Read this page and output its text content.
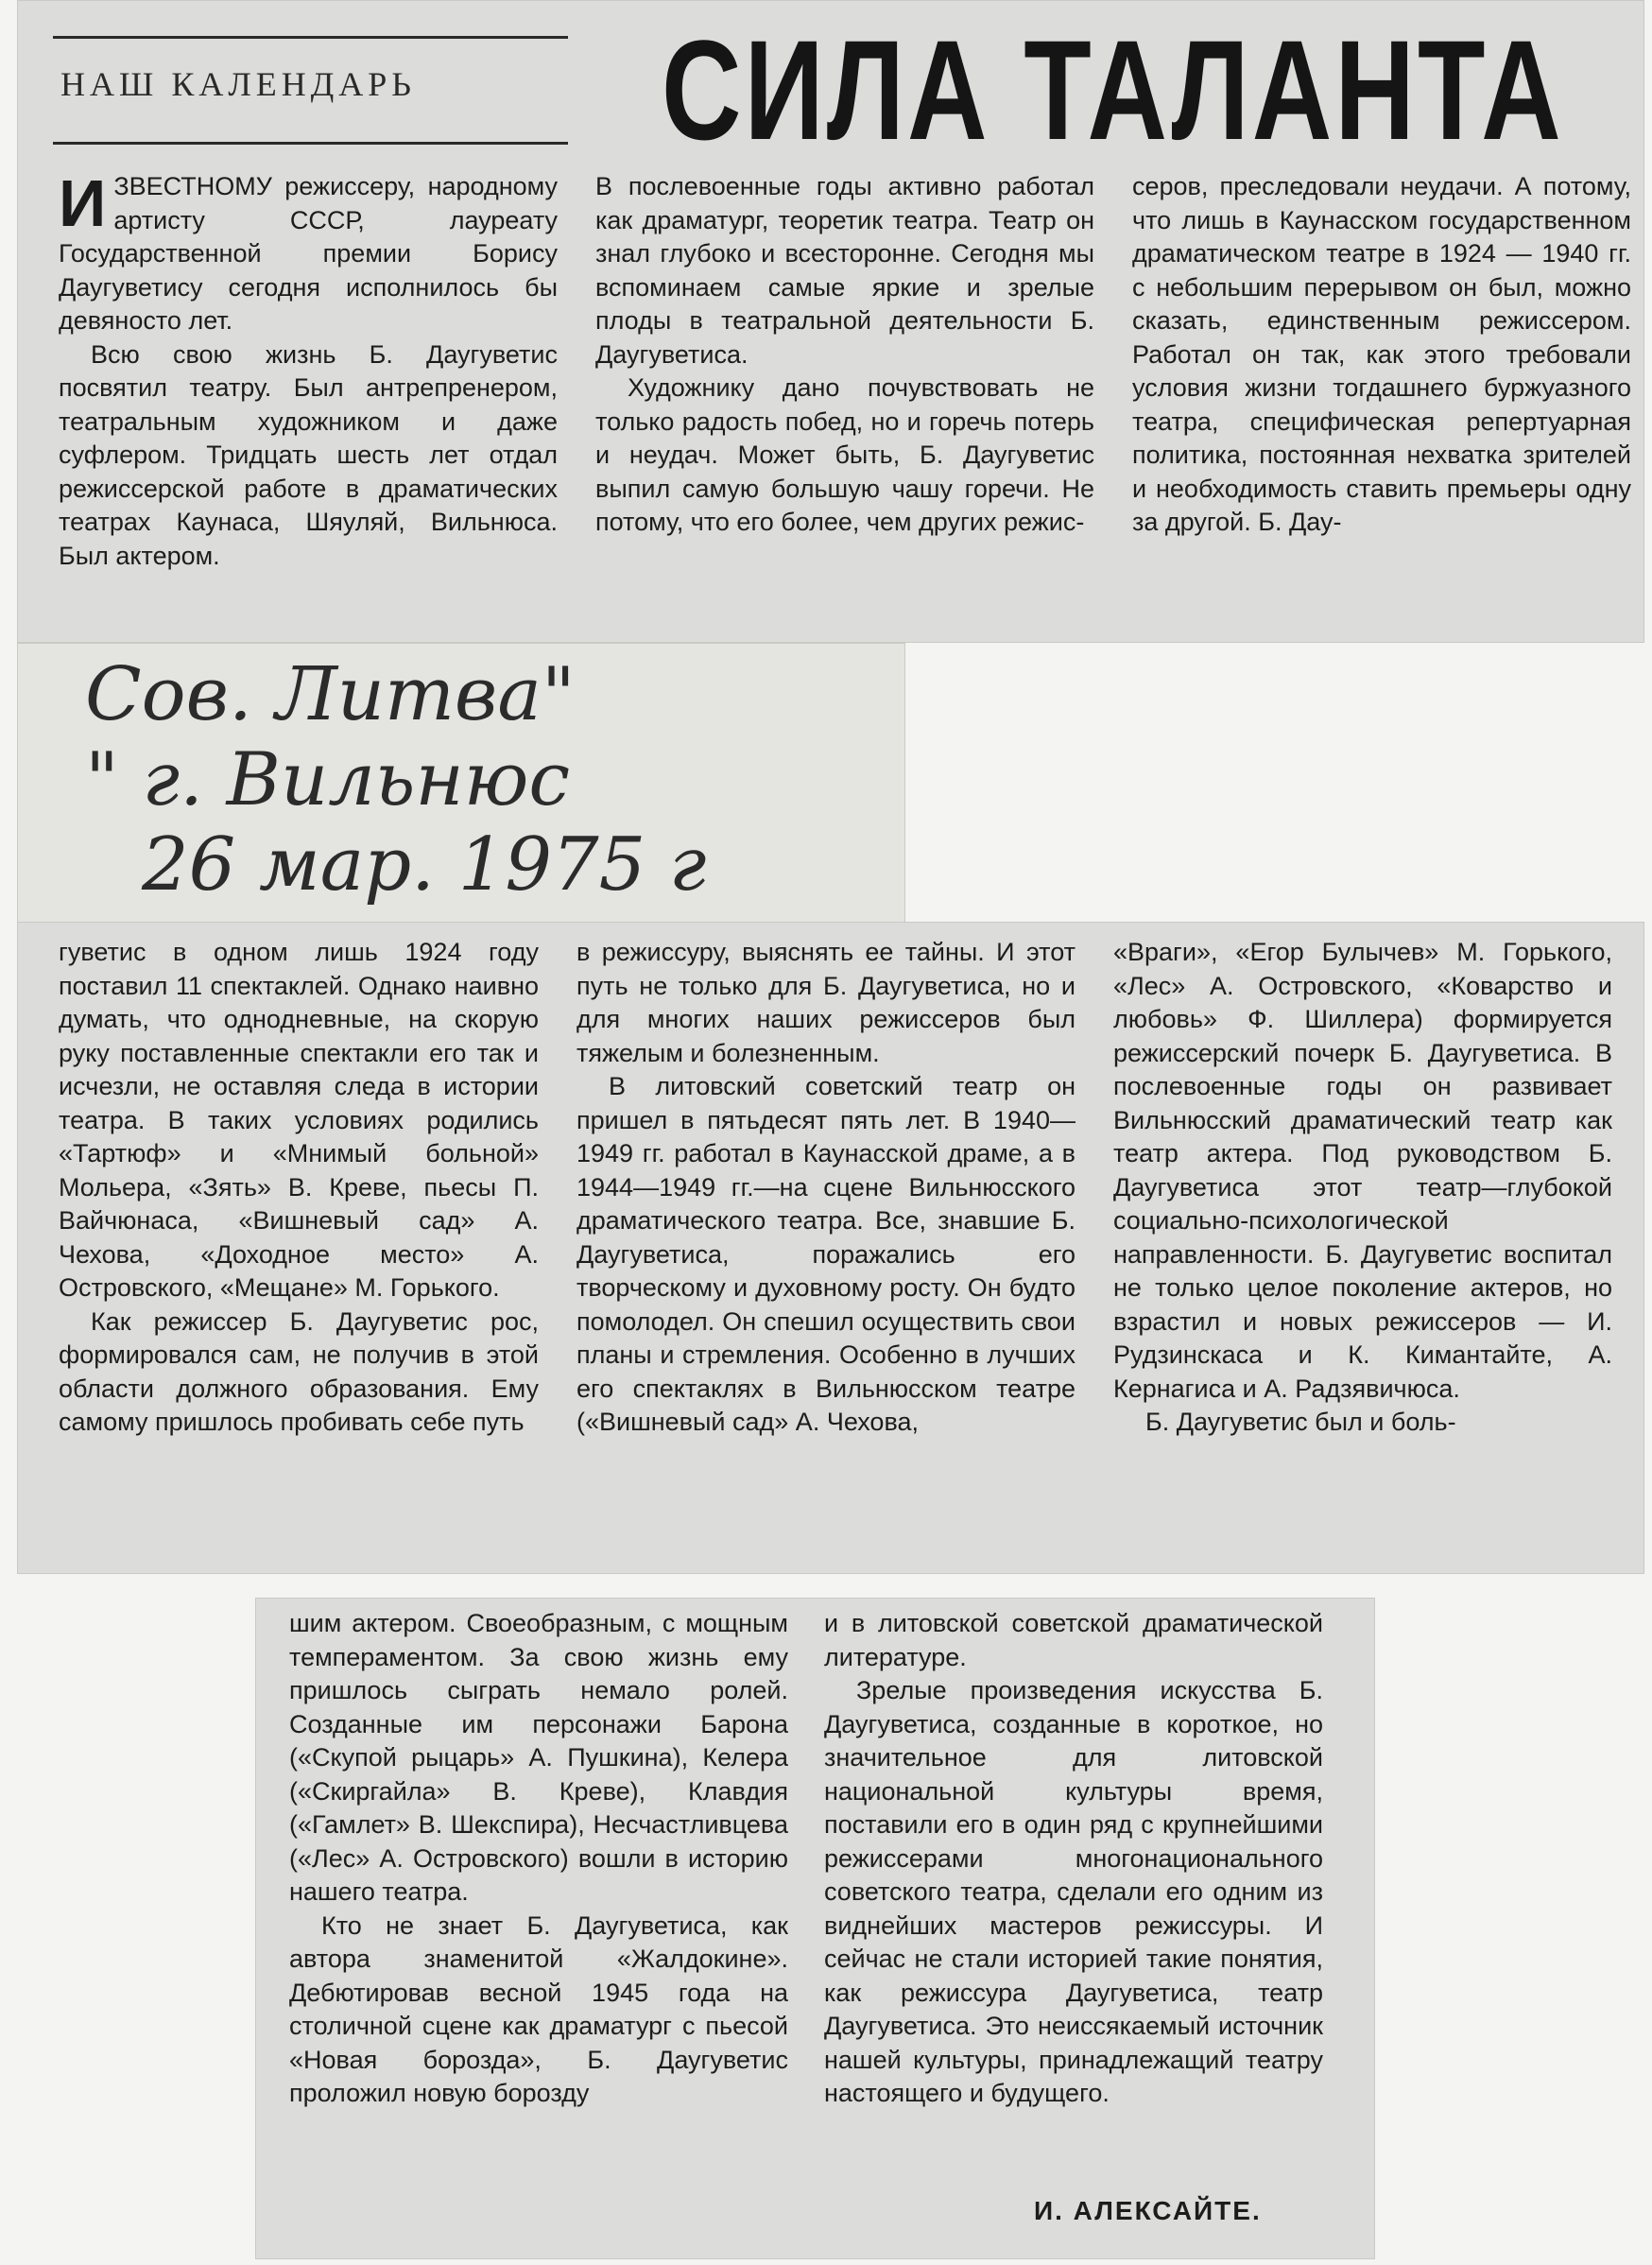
НАШ КАЛЕНДАРЬ СИЛА ТАЛАНТА

И ЗВЕСТНОМУ режиссеру, народному артисту СССР, лауреату Государственной премии Борису Даугуветису сегодня исполнилось бы девяносто лет.

Всю свою жизнь Б. Даугуветис посвятил театру. Был антрепренером, театральным художником и даже суфлером. Тридцать шесть лет отдал режиссерской работе в драматических театрах Каунаса, Шяуляй, Вильнюса. Был актером.

В послевоенные годы активно работал как драматург, теоретик театра. Театр он знал глубоко и всесторонне. Сегодня мы вспоминаем самые яркие и зрелые плоды в театральной деятельности Б. Даугуветиса.

Художнику дано почувствовать не только радость побед, но и горечь потерь и неудач. Может быть, Б. Даугуветис выпил самую большую чашу горечи. Не потому, что его более, чем других режис-

серов, преследовали неудачи. А потому, что лишь в Каунасском государственном драматическом театре в 1924 — 1940 гг. с небольшим перерывом он был, можно сказать, единственным режиссером. Работал он так, как этого требовали условия жизни тогдашнего буржуазного театра, специфическая репертуарная политика, постоянная нехватка зрителей и необходимость ставить премьеры одну за другой. Б. Дау-

Сов. Литва"
" г. Вильнюс
26 мар. 1975 г

гуветис в одном лишь 1924 году поставил 11 спектаклей. Однако наивно думать, что однодневные, на скорую руку поставленные спектакли его так и исчезли, не оставляя следа в истории театра. В таких условиях родились «Тартюф» и «Мнимый больной» Мольера, «Зять» В. Креве, пьесы П. Вайчюнаса, «Вишневый сад» А. Чехова, «Доходное место» А. Островского, «Мещане» М. Горького.

Как режиссер Б. Даугуветис рос, формировался сам, не получив в этой области должного образования. Ему самому пришлось пробивать себе путь

в режиссуру, выяснять ее тайны. И этот путь не только для Б. Даугуветиса, но и для многих наших режиссеров был тяжелым и болезненным.

В литовский советский театр он пришел в пятьдесят пять лет. В 1940—1949 гг. работал в Каунасской драме, а в 1944—1949 гг.—на сцене Вильнюсского драматического театра. Все, знавшие Б. Даугуветиса, поражались его творческому и духовному росту. Он будто помолодел. Он спешил осуществить свои планы и стремления. Особенно в лучших его спектаклях в Вильнюсском театре («Вишневый сад» А. Чехова,

«Враги», «Егор Булычев» М. Горького, «Лес» А. Островского, «Коварство и любовь» Ф. Шиллера) формируется режиссерский почерк Б. Даугуветиса. В послевоенные годы он развивает Вильнюсский драматический театр как театр актера. Под руководством Б. Даугуветиса этот театр—глубокой социально-психологической направленности. Б. Даугуветис воспитал не только целое поколение актеров, но взрастил и новых режиссеров — И. Рудзинскаса и К. Кимантайте, А. Кернагиса и А. Радзявичюса.

Б. Даугуветис был и боль-

шим актером. Своеобразным, с мощным темпераментом. За свою жизнь ему пришлось сыграть немало ролей. Созданные им персонажи Барона («Скупой рыцарь» А. Пушкина), Келера («Скиргайла» В. Креве), Клавдия («Гамлет» В. Шекспира), Несчастливцева («Лес» А. Островского) вошли в историю нашего театра.

Кто не знает Б. Даугуветиса, как автора знаменитой «Жалдокине». Дебютировав весной 1945 года на столичной сцене как драматург с пьесой «Новая борозда», Б. Даугуветис проложил новую борозду

и в литовской советской драматической литературе.

Зрелые произведения искусства Б. Даугуветиса, созданные в короткое, но значительное для литовской национальной культуры время, поставили его в один ряд с крупнейшими режиссерами многонационального советского театра, сделали его одним из виднейших мастеров режиссуры. И сейчас не стали историей такие понятия, как режиссура Даугуветиса, театр Даугуветиса. Это неиссякаемый источник нашей культуры, принадлежащий театру настоящего и будущего.

И. АЛЕКСАЙТЕ.
